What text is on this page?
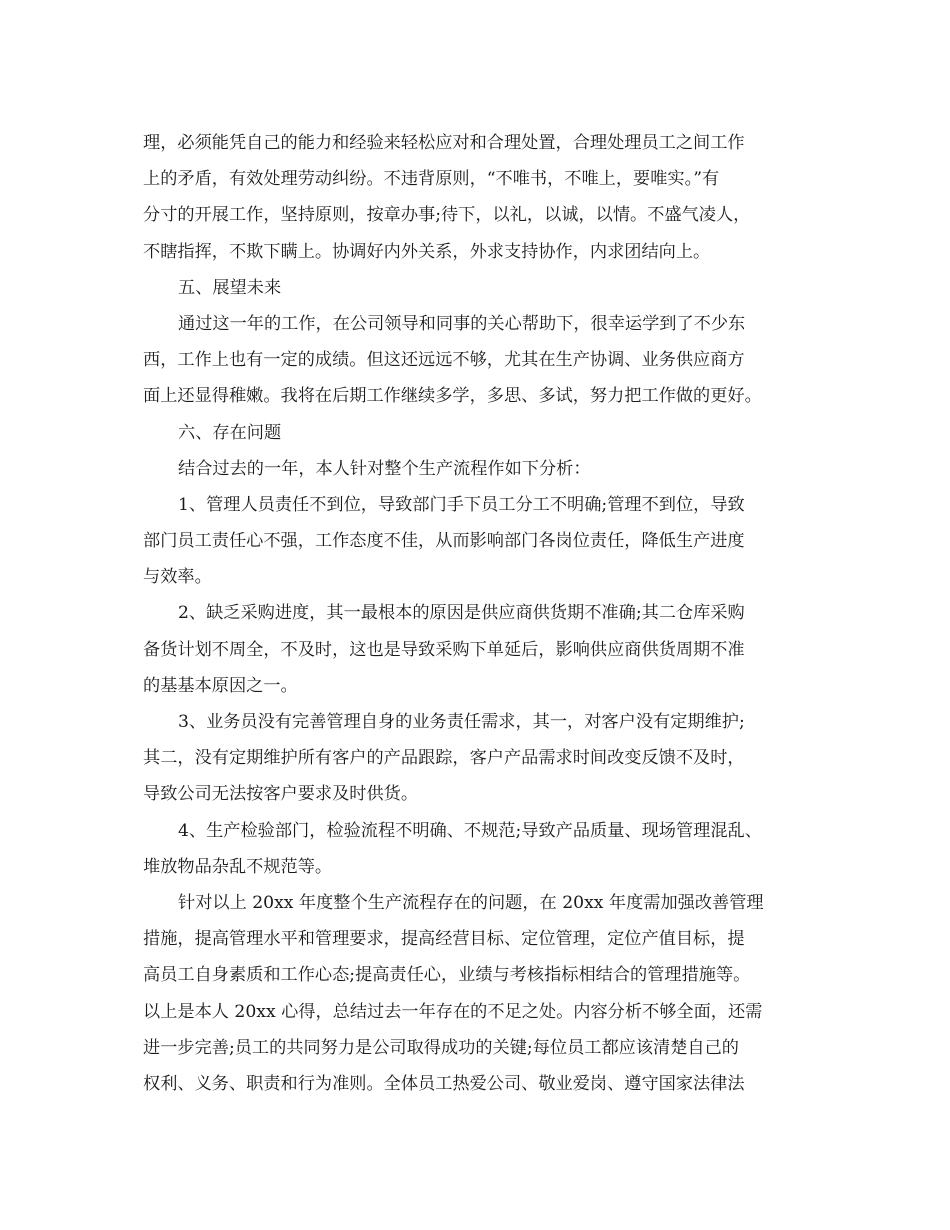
理，必须能凭自己的能力和经验来轻松应对和合理处置，合理处理员工之间工作
上的矛盾，有效处理劳动纠纷。不违背原则，“不唯书，不唯上，要唯实。”有
分寸的开展工作，坚持原则，按章办事;待下，以礼，以诚，以情。不盛气凌人，
不瞎指挥，不欺下瞒上。协调好内外关系，外求支持协作，内求团结向上。
五、展望未来
通过这一年的工作，在公司领导和同事的关心帮助下，很幸运学到了不少东
西，工作上也有一定的成绩。但这还远远不够，尤其在生产协调、业务供应商方
面上还显得稚嫩。我将在后期工作继续多学，多思、多试，努力把工作做的更好。
六、存在问题
结合过去的一年，本人针对整个生产流程作如下分析：
1、管理人员责任不到位，导致部门手下员工分工不明确;管理不到位，导致
部门员工责任心不强，工作态度不佳，从而影响部门各岗位责任，降低生产进度
与效率。
2、缺乏采购进度，其一最根本的原因是供应商供货期不准确;其二仓库采购
备货计划不周全，不及时，这也是导致采购下单延后，影响供应商供货周期不准
的基基本原因之一。
3、业务员没有完善管理自身的业务责任需求，其一，对客户没有定期维护;
其二，没有定期维护所有客户的产品跟踪，客户产品需求时间改变反馈不及时，
导致公司无法按客户要求及时供货。
4、生产检验部门，检验流程不明确、不规范;导致产品质量、现场管理混乱、
堆放物品杂乱不规范等。
针对以上 20xx 年度整个生产流程存在的问题，在 20xx 年度需加强改善管理
措施，提高管理水平和管理要求，提高经营目标、定位管理，定位产值目标，提
高员工自身素质和工作心态;提高责任心，业绩与考核指标相结合的管理措施等。
以上是本人 20xx 心得，总结过去一年存在的不足之处。内容分析不够全面，还需
进一步完善;员工的共同努力是公司取得成功的关键;每位员工都应该清楚自己的
权利、义务、职责和行为准则。全体员工热爱公司、敬业爱岗、遵守国家法律法
